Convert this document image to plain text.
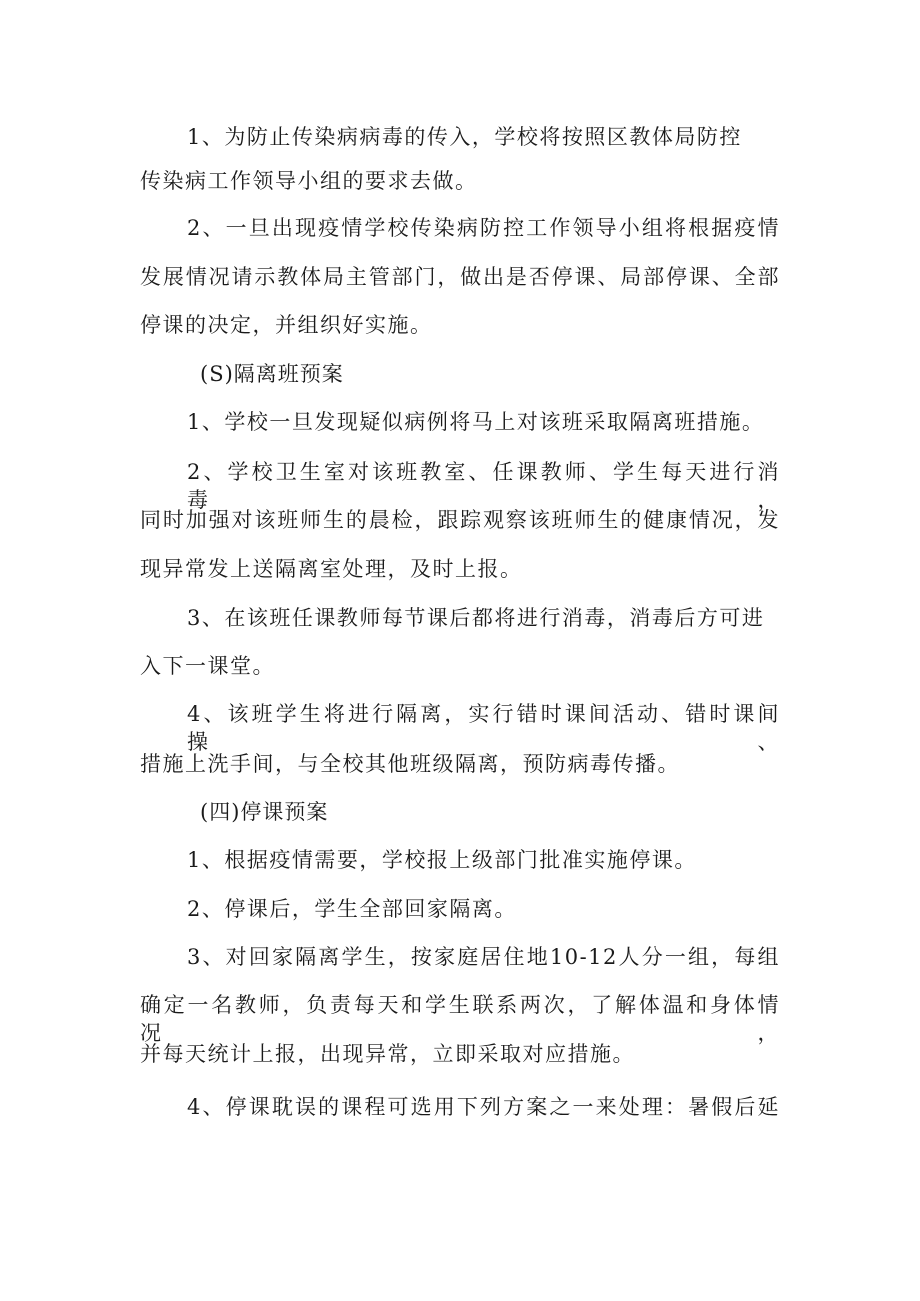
1、为防止传染病病毒的传入，学校将按照区教体局防控

传染病工作领导小组的要求去做。

2、一旦出现疫情学校传染病防控工作领导小组将根据疫情

发展情况请示教体局主管部门，做出是否停课、局部停课、全部

停课的决定，并组织好实施。

(S)隔离班预案

1、学校一旦发现疑似病例将马上对该班采取隔离班措施。

2、学校卫生室对该班教室、任课教师、学生每天进行消毒，

同时加强对该班师生的晨检，跟踪观察该班师生的健康情况，发

现异常发上送隔离室处理，及时上报。

3、在该班任课教师每节课后都将进行消毒，消毒后方可进

入下一课堂。

4、该班学生将进行隔离，实行错时课间活动、错时课间操、

措施上洗手间，与全校其他班级隔离，预防病毒传播。

(四)停课预案

1、根据疫情需要，学校报上级部门批准实施停课。

2、停课后，学生全部回家隔离。

3、对回家隔离学生，按家庭居住地10-12人分一组，每组

确定一名教师，负责每天和学生联系两次，了解体温和身体情况，

并每天统计上报，出现异常，立即采取对应措施。

4、停课耽误的课程可选用下列方案之一来处理：暑假后延
